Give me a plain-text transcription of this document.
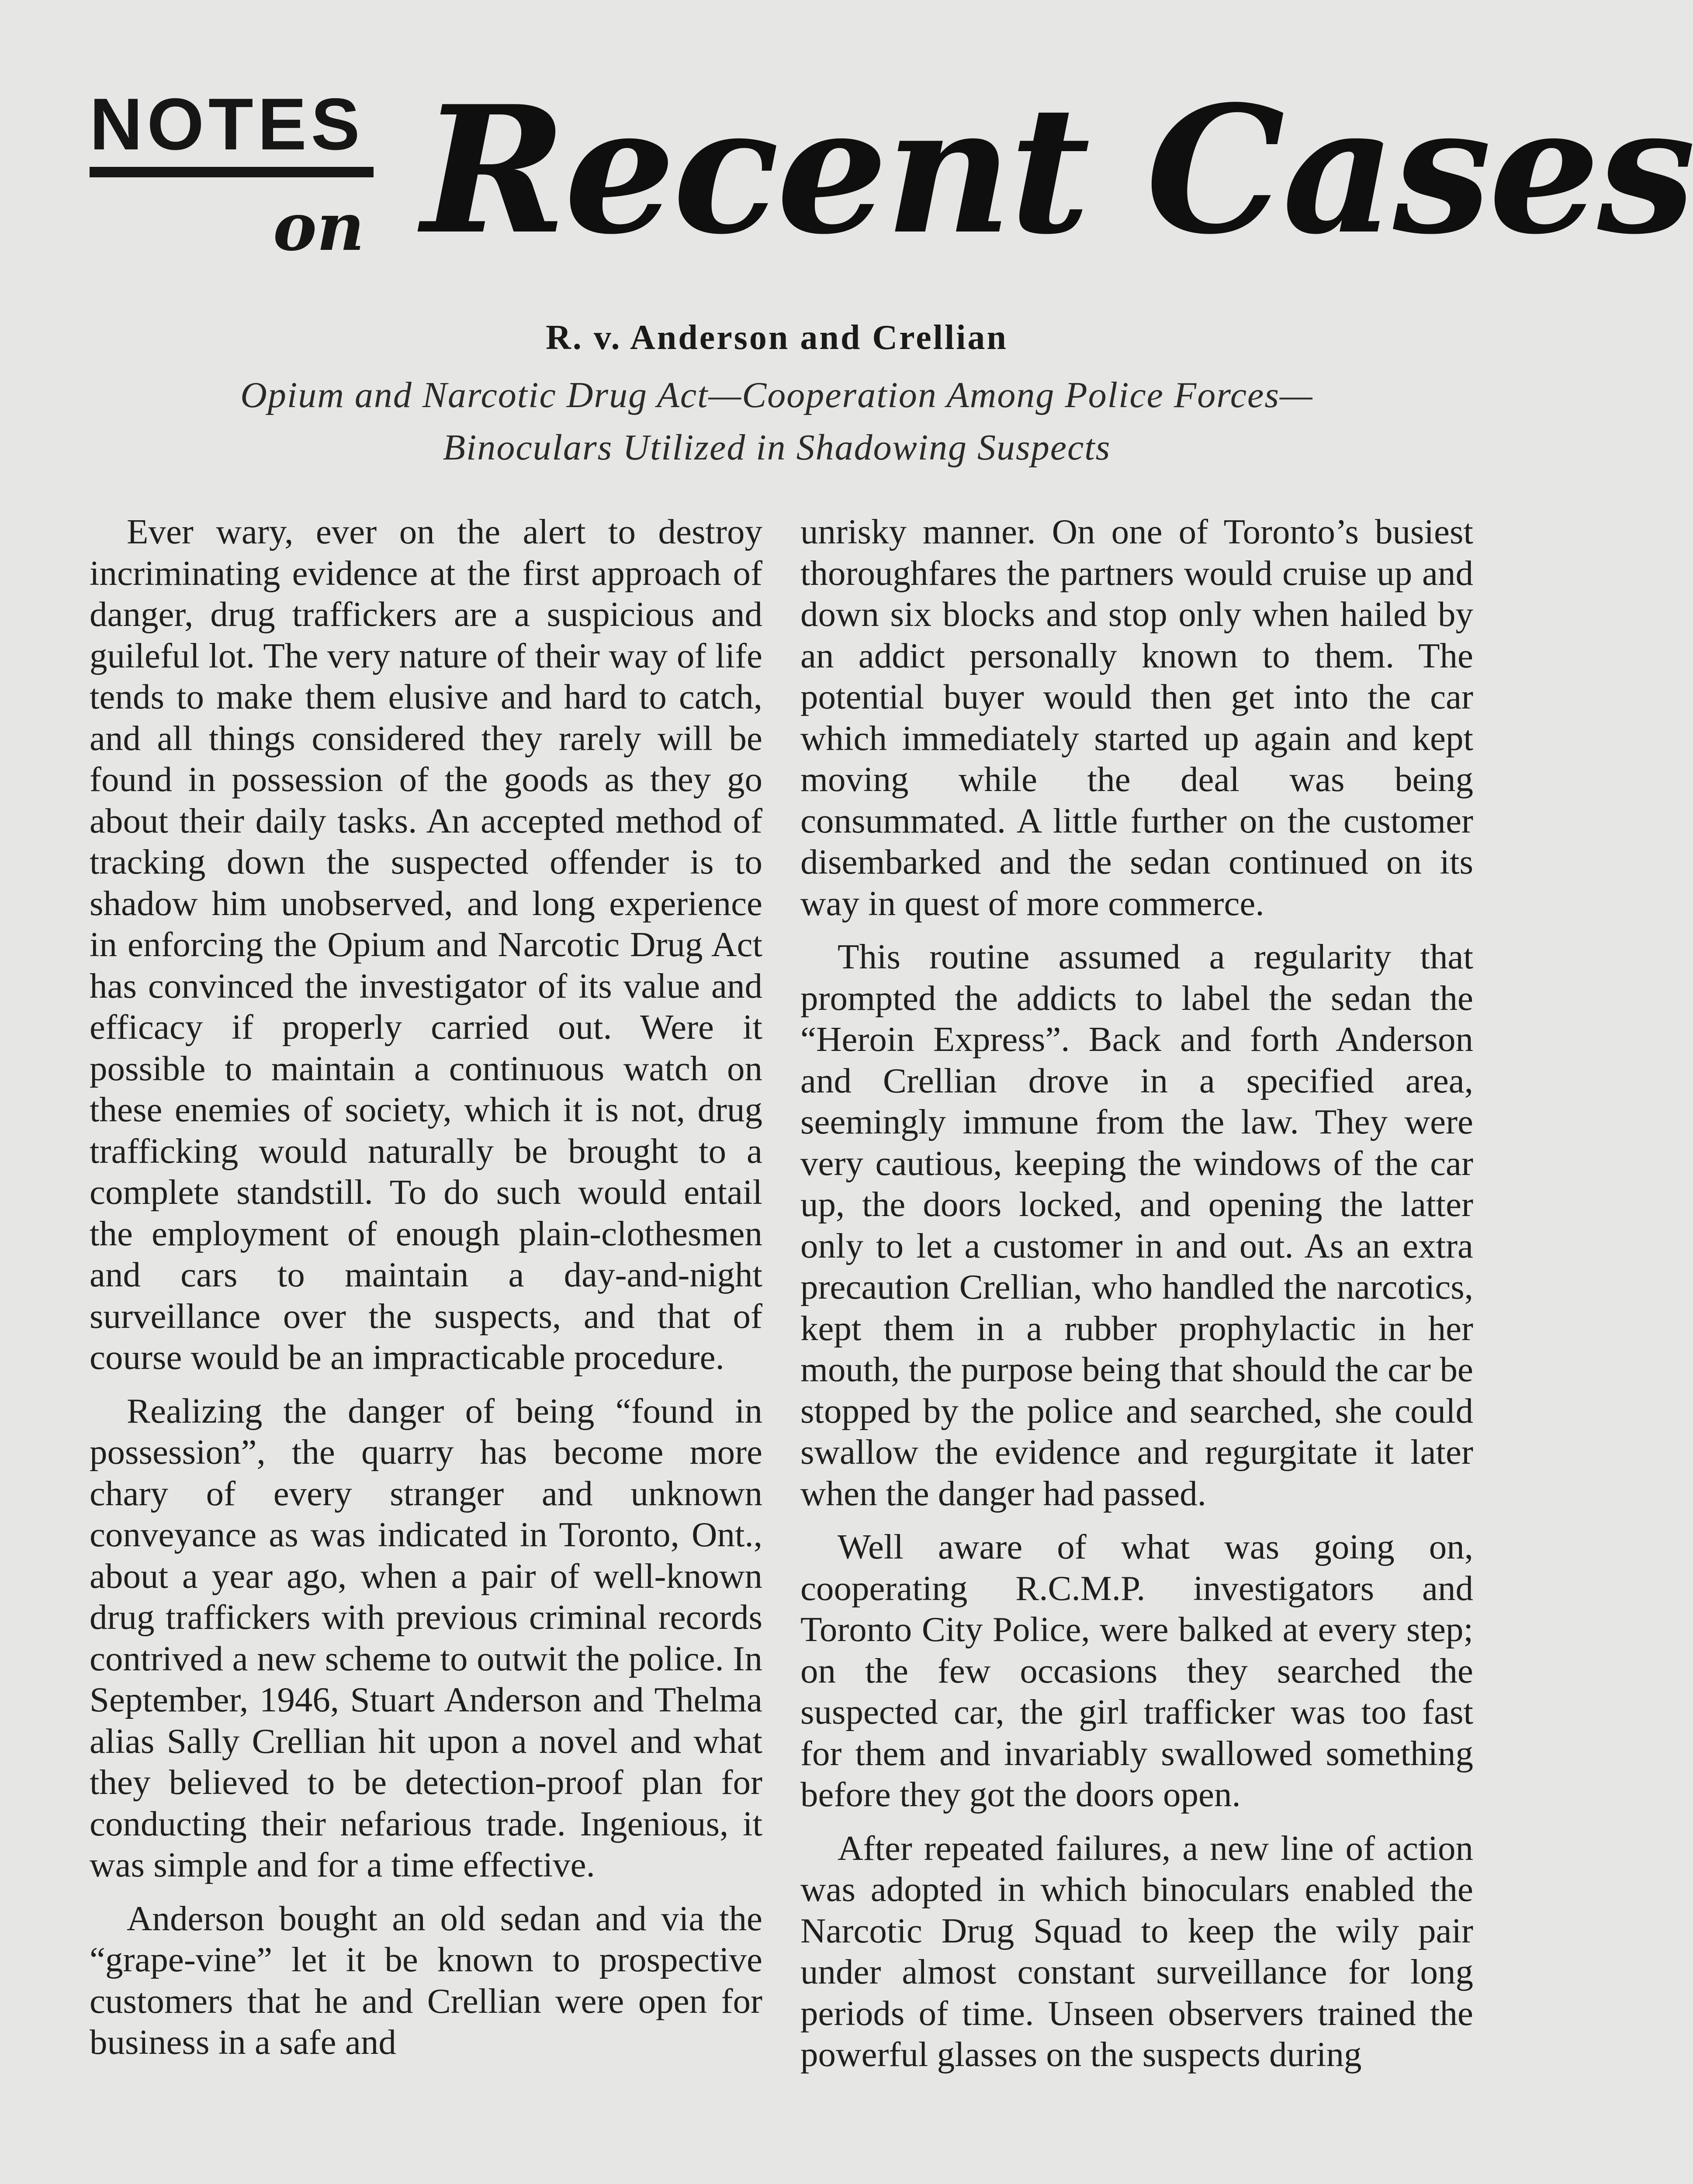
NOTES
on Recent Cases
R. v. Anderson and Crellian
Opium and Narcotic Drug Act—Cooperation Among Police Forces—
Binoculars Utilized in Shadowing Suspects

Ever wary, ever on the alert to destroy incriminating evidence at the first approach of danger, drug traffickers are a suspicious and guileful lot. The very nature of their way of life tends to make them elusive and hard to catch, and all things considered they rarely will be found in possession of the goods as they go about their daily tasks. An accepted method of tracking down the suspected offender is to shadow him unobserved, and long experience in enforcing the Opium and Narcotic Drug Act has convinced the investigator of its value and efficacy if properly carried out. Were it possible to maintain a continuous watch on these enemies of society, which it is not, drug trafficking would naturally be brought to a complete standstill. To do such would entail the employment of enough plain-clothesmen and cars to maintain a day-and-night surveillance over the suspects, and that of course would be an impracticable procedure.

Realizing the danger of being “found in possession”, the quarry has become more chary of every stranger and unknown conveyance as was indicated in Toronto, Ont., about a year ago, when a pair of well-known drug traffickers with previous criminal records contrived a new scheme to outwit the police. In September, 1946, Stuart Anderson and Thelma alias Sally Crellian hit upon a novel and what they believed to be detection-proof plan for conducting their nefarious trade. Ingenious, it was simple and for a time effective.

Anderson bought an old sedan and via the “grape-vine” let it be known to prospective customers that he and Crellian were open for business in a safe and

unrisky manner. On one of Toronto’s busiest thoroughfares the partners would cruise up and down six blocks and stop only when hailed by an addict personally known to them. The potential buyer would then get into the car which immediately started up again and kept moving while the deal was being consummated. A little further on the customer disembarked and the sedan continued on its way in quest of more commerce.

This routine assumed a regularity that prompted the addicts to label the sedan the “Heroin Express”. Back and forth Anderson and Crellian drove in a specified area, seemingly immune from the law. They were very cautious, keeping the windows of the car up, the doors locked, and opening the latter only to let a customer in and out. As an extra precaution Crellian, who handled the narcotics, kept them in a rubber prophylactic in her mouth, the purpose being that should the car be stopped by the police and searched, she could swallow the evidence and regurgitate it later when the danger had passed.

Well aware of what was going on, cooperating R.C.M.P. investigators and Toronto City Police, were balked at every step; on the few occasions they searched the suspected car, the girl trafficker was too fast for them and invariably swallowed something before they got the doors open.

After repeated failures, a new line of action was adopted in which binoculars enabled the Narcotic Drug Squad to keep the wily pair under almost constant surveillance for long periods of time. Unseen observers trained the powerful glasses on the suspects during
